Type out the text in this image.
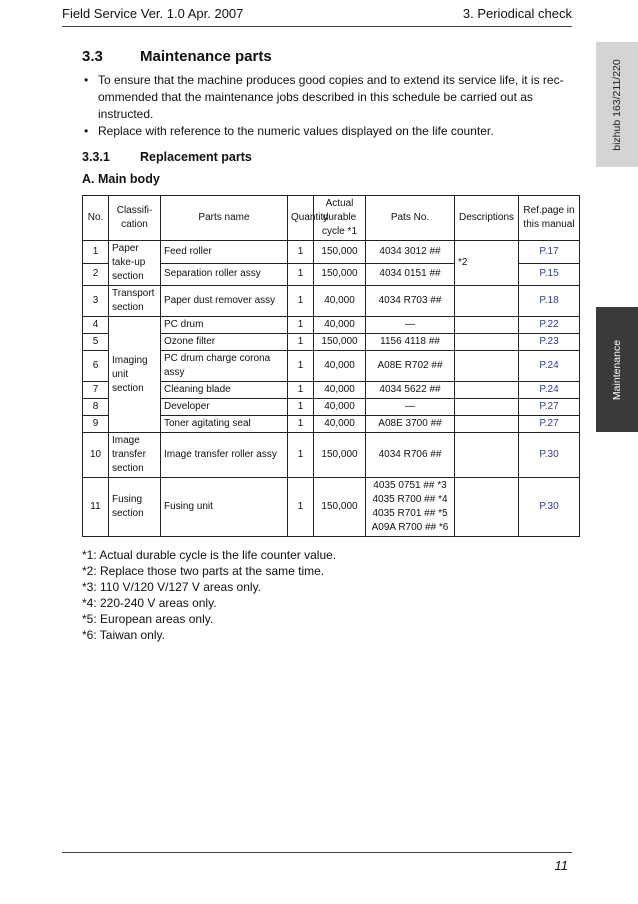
Field Service Ver. 1.0 Apr. 2007	3. Periodical check
bizhub 163/211/220
Maintenance
3.3 Maintenance parts
• To ensure that the machine produces good copies and to extend its service life, it is rec-ommended that the maintenance jobs described in this schedule be carried out as instructed.
• Replace with reference to the numeric values displayed on the life counter.
3.3.1 Replacement parts
A. Main body
No.	Classifi-cation	Parts name	Quantity	Actual durable cycle *1	Pats No.	Descriptions	Ref.page in this manual
1	Paper take-up section	Feed roller	1	150,000	4034 3012 ##	*2	P.17
2		Separation roller assy	1	150,000	4034 0151 ##		P.15
3	Transport section	Paper dust remover assy	1	40,000	4034 R703 ##		P.18
4	Imaging unit section	PC drum	1	40,000	—		P.22
5		Ozone filter	1	150,000	1156 4118 ##		P.23
6		PC drum charge corona assy	1	40,000	A08E R702 ##		P.24
7		Cleaning blade	1	40,000	4034 5622 ##		P.24
8		Developer	1	40,000	—		P.27
9		Toner agitating seal	1	40,000	A08E 3700 ##		P.27
10	Image transfer section	Image transfer roller assy	1	150,000	4034 R706 ##		P.30
11	Fusing section	Fusing unit	1	150,000	4035 0751 ## *3
4035 R700 ## *4
4035 R701 ## *5
A09A R700 ## *6		P.30
*1: Actual durable cycle is the life counter value.
*2: Replace those two parts at the same time.
*3: 110 V/120 V/127 V areas only.
*4: 220-240 V areas only.
*5: European areas only.
*6: Taiwan only.
11
